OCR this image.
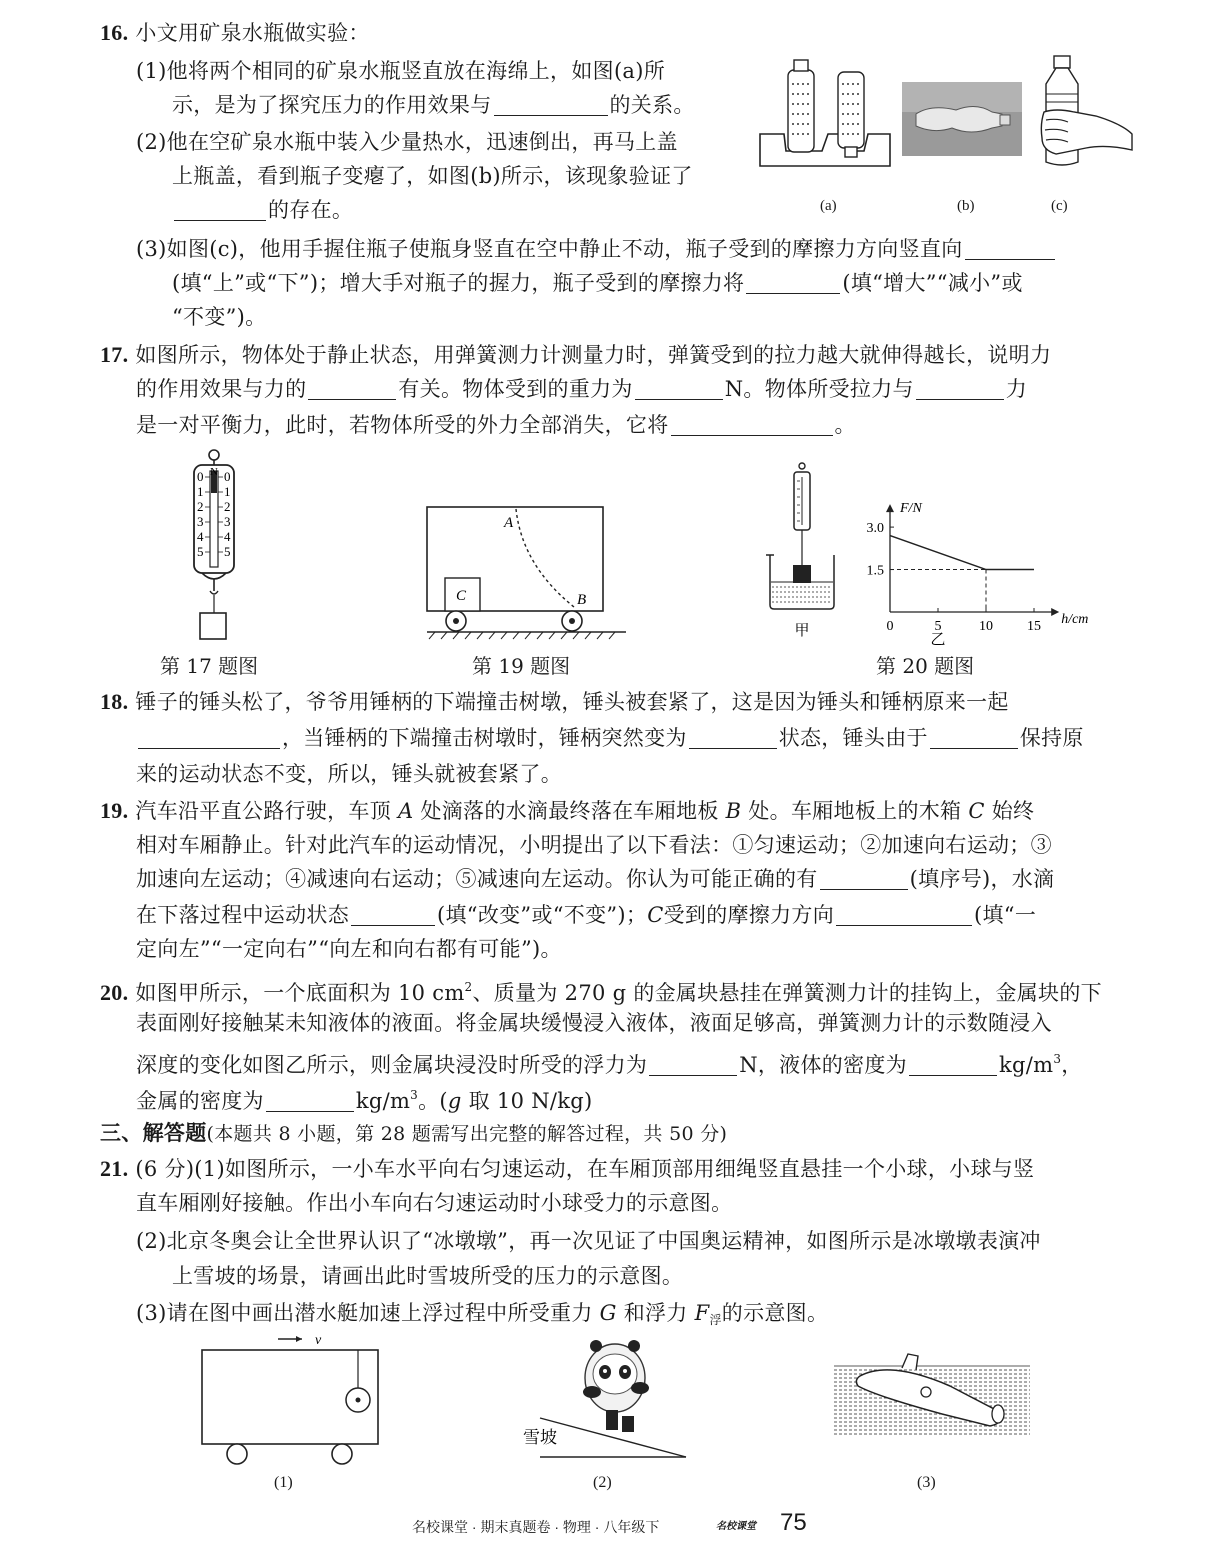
16. 小文用矿泉水瓶做实验：
(1)他将两个相同的矿泉水瓶竖直放在海绵上，如图(a)所
示，是为了探究压力的作用效果与	的关系。
(2)他在空矿泉水瓶中装入少量热水，迅速倒出，再马上盖
上瓶盖，看到瓶子变瘪了，如图(b)所示，该现象验证了
的存在。
(3)如图(c)，他用手握住瓶子使瓶身竖直在空中静止不动，瓶子受到的摩擦力方向竖直向
(填“上”或“下”)；增大手对瓶子的握力，瓶子受到的摩擦力将	(填“增大”“减小”或
“不变”)。
(a)	(b)	(c)
17. 如图所示，物体处于静止状态，用弹簧测力计测量力时，弹簧受到的拉力越大就伸得越长，说明力
的作用效果与力的	有关。物体受到的重力为	N。物体所受拉力与	力
是一对平衡力，此时，若物体所受的外力全部消失，它将	。
N
0
1
2
3
4
5
0
1
2
3
4
5
A
B
C
甲
F/N
h/cm
3.0
1.5
0	5	10 15
乙
第 17 题图	第 19 题图	第 20 题图
18. 锤子的锤头松了，爷爷用锤柄的下端撞击树墩，锤头被套紧了，这是因为锤头和锤柄原来一起
，当锤柄的下端撞击树墩时，锤柄突然变为	状态，锤头由于	保持原
来的运动状态不变，所以，锤头就被套紧了。
19. 汽车沿平直公路行驶，车顶 A 处滴落的水滴最终落在车厢地板 B 处。车厢地板上的木箱 C 始终
相对车厢静止。针对此汽车的运动情况，小明提出了以下看法：①匀速运动；②加速向右运动；③
加速向左运动；④减速向右运动；⑤减速向左运动。你认为可能正确的有	(填序号)，水滴
在下落过程中运动状态	(填“改变”或“不变”)；C受到的摩擦力方向	(填“一
定向左”“一定向右”“向左和向右都有可能”)。
20. 如图甲所示，一个底面积为 10 $cm^2$、质量为 270 g 的金属块悬挂在弹簧测力计的挂钩上，金属块的下
表面刚好接触某未知液体的液面。将金属块缓慢浸入液体，液面足够高，弹簧测力计的示数随浸入
深度的变化如图乙所示，则金属块浸没时所受的浮力为	N，液体的密度为	$kg/m^3$，
金属的密度为	$kg/m^3$。(g 取 10 N/kg)
三、解答题(本题共 8 小题，第 28 题需写出完整的解答过程，共 50 分)
21. (6 分)(1)如图所示，一小车水平向右匀速运动，在车厢顶部用细绳竖直悬挂一个小球，小球与竖
直车厢刚好接触。作出小车向右匀速运动时小球受力的示意图。
(2)北京冬奥会让全世界认识了“冰墩墩”，再一次见证了中国奥运精神，如图所示是冰墩墩表演冲
上雪坡的场景，请画出此时雪坡所受的压力的示意图。
(3)请在图中画出潜水艇加速上浮过程中所受重力 G 和浮力 $F_浮$的示意图。
v
雪坡
(1)	(2)	(3)
名校课堂 · 期末真题卷 · 物理 · 八年级下	名校课堂 75
